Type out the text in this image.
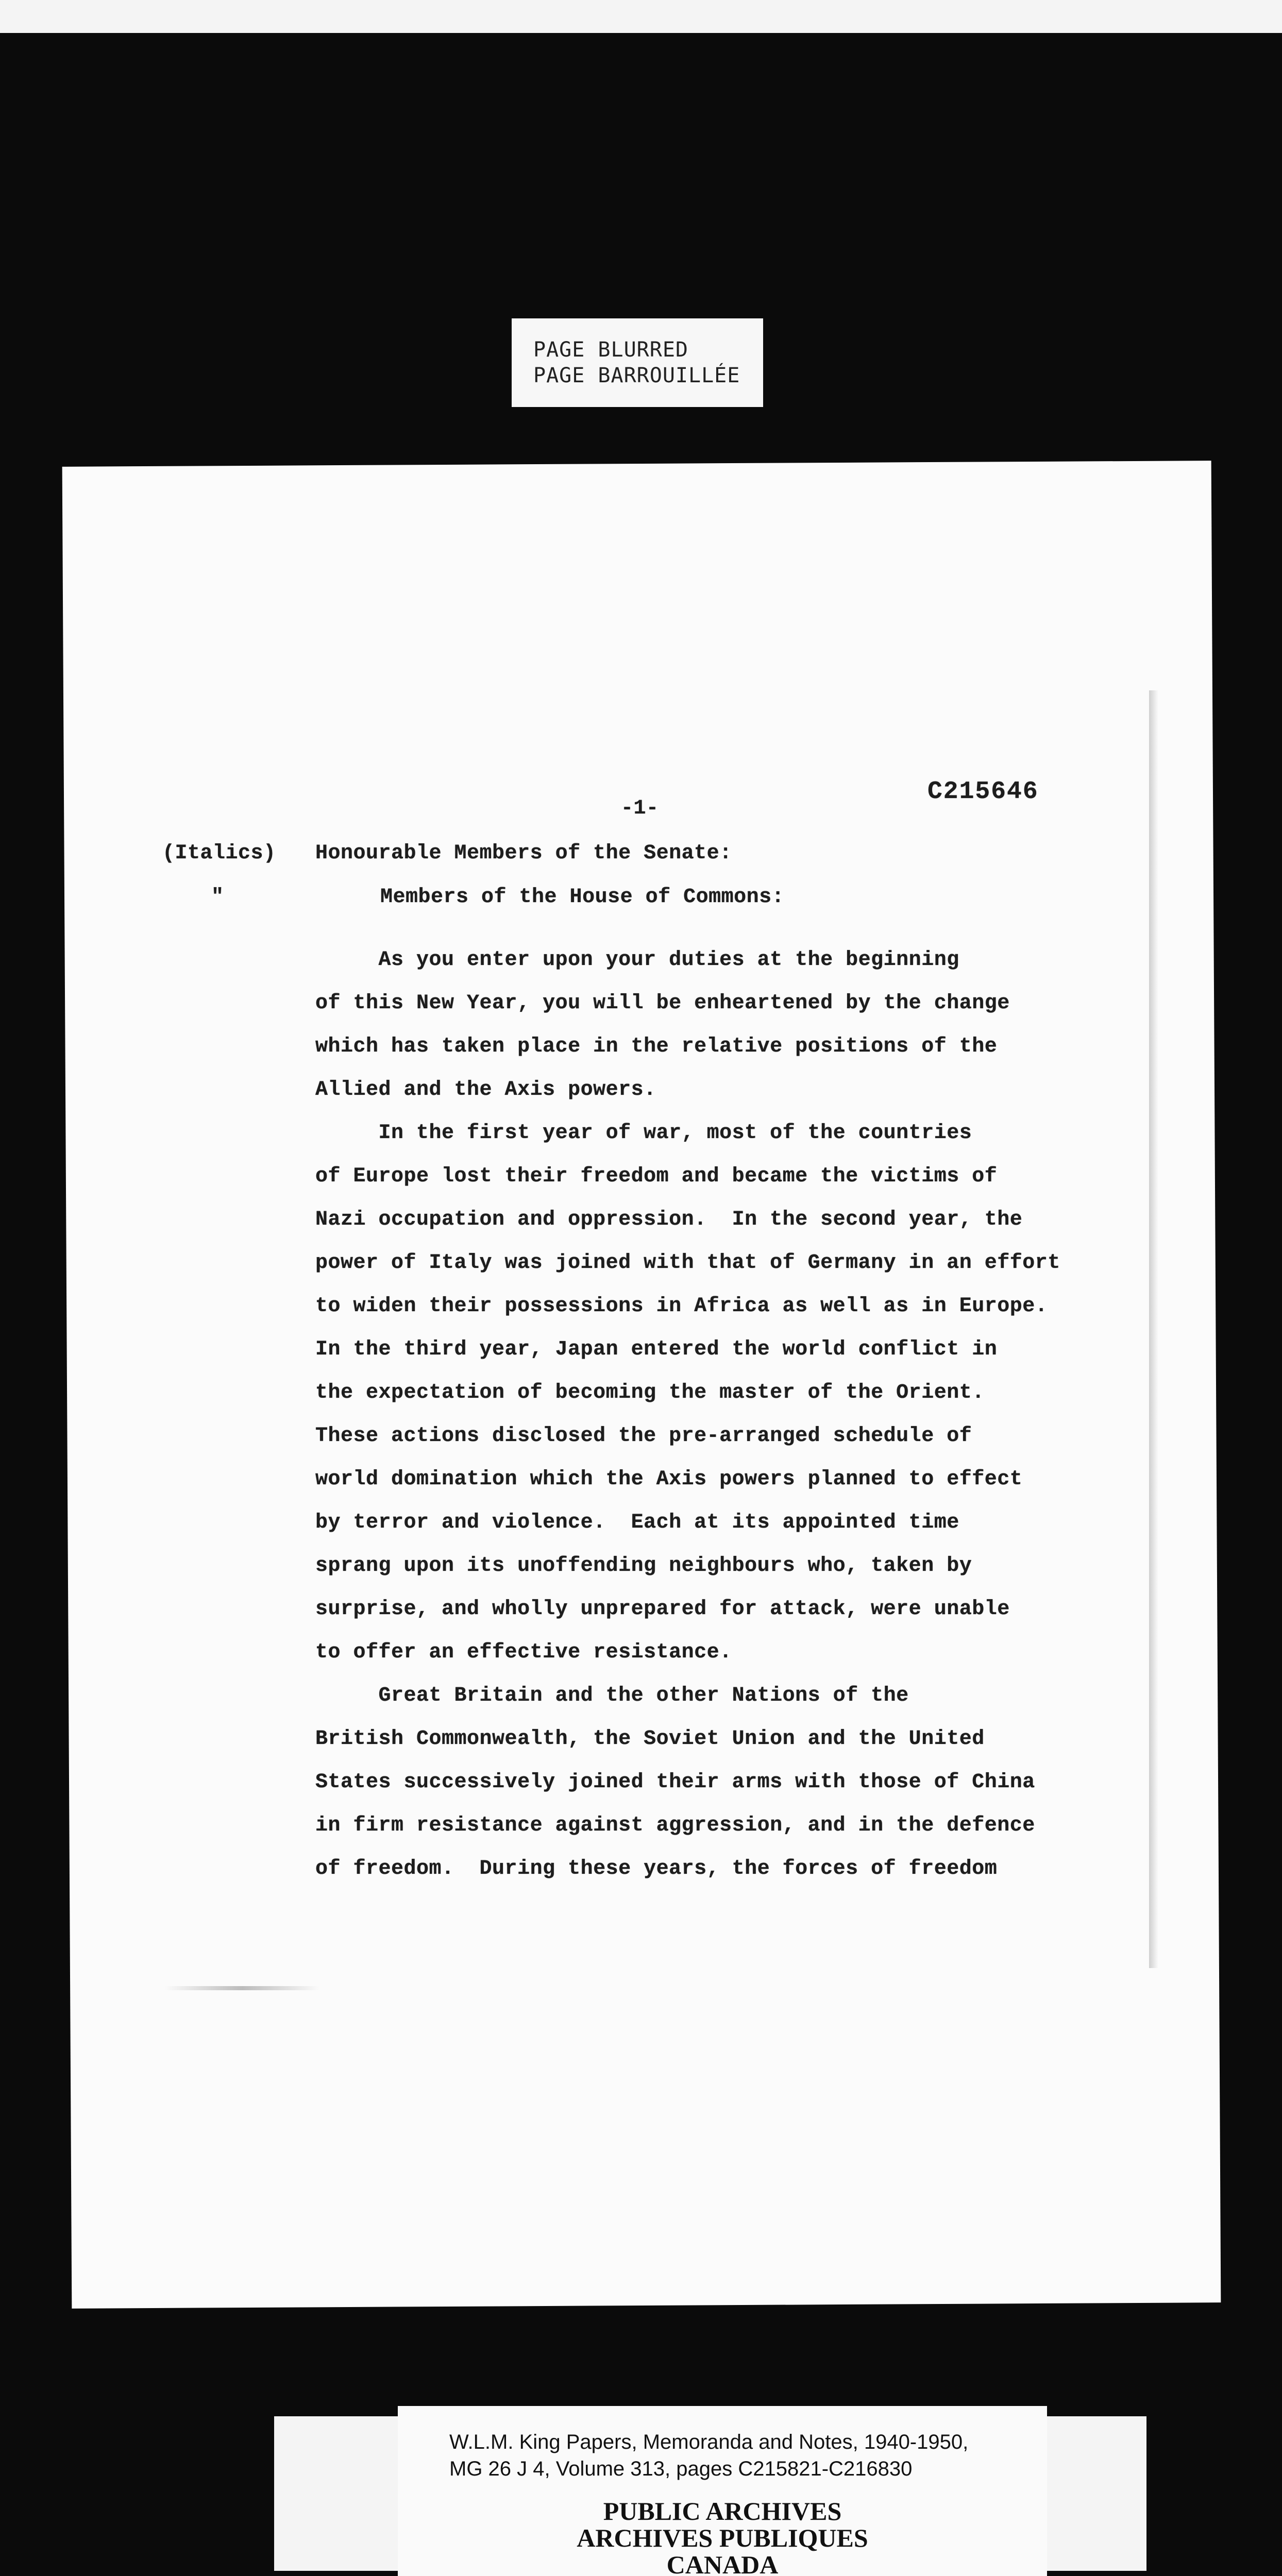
PAGE BLURRED
PAGE BARROUILLÉE
-1-
C215646
(Italics)
"
Honourable Members of the Senate:
Members of the House of Commons:
As you enter upon your duties at the beginning
of this New Year, you will be enheartened by the change
which has taken place in the relative positions of the
Allied and the Axis powers.
In the first year of war, most of the countries
of Europe lost their freedom and became the victims of
Nazi occupation and oppression.  In the second year, the
power of Italy was joined with that of Germany in an effort
to widen their possessions in Africa as well as in Europe.
In the third year, Japan entered the world conflict in
the expectation of becoming the master of the Orient.
These actions disclosed the pre-arranged schedule of
world domination which the Axis powers planned to effect
by terror and violence.  Each at its appointed time
sprang upon its unoffending neighbours who, taken by
surprise, and wholly unprepared for attack, were unable
to offer an effective resistance.
Great Britain and the other Nations of the
British Commonwealth, the Soviet Union and the United
States successively joined their arms with those of China
in firm resistance against aggression, and in the defence
of freedom.  During these years, the forces of freedom
W.L.M. King Papers, Memoranda and Notes, 1940-1950,
MG 26 J 4, Volume 313, pages C215821-C216830
PUBLIC ARCHIVES
ARCHIVES PUBLIQUES
CANADA
